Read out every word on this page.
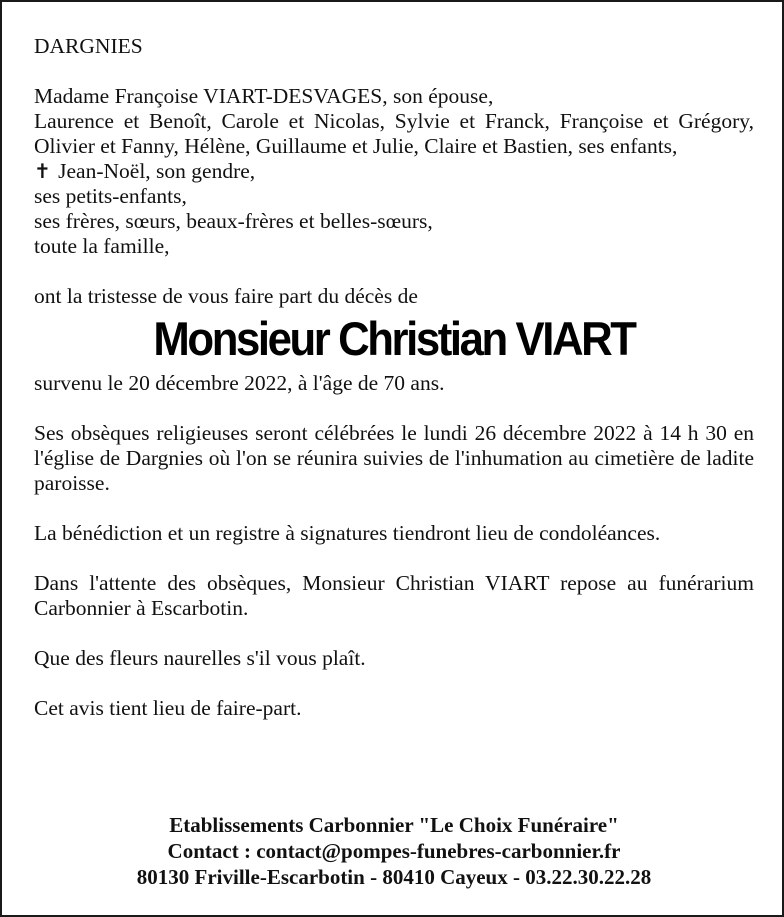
DARGNIES

Madame Françoise VIART-DESVAGES, son épouse,

Laurence et Benoît, Carole et Nicolas, Sylvie et Franck, Françoise et Grégory, Olivier et Fanny, Hélène, Guillaume et Julie, Claire et Bastien, ses enfants,

✝ Jean-Noël, son gendre,
ses petits-enfants,
ses frères, sœurs, beaux-frères et belles-sœurs,
toute la famille,

ont la tristesse de vous faire part du décès de

Monsieur Christian VIART

survenu le 20 décembre 2022, à l'âge de 70 ans.

Ses obsèques religieuses seront célébrées le lundi 26 décembre 2022 à 14 h 30 en l'église de Dargnies où l'on se réunira suivies de l'inhumation au cimetière de ladite paroisse.

La bénédiction et un registre à signatures tiendront lieu de condoléances.

Dans l'attente des obsèques, Monsieur Christian VIART repose au funérarium Carbonnier à Escarbotin.

Que des fleurs naurelles s'il vous plaît.

Cet avis tient lieu de faire-part.

Etablissements Carbonnier "Le Choix Funéraire"
Contact : contact@pompes-funebres-carbonnier.fr
80130 Friville-Escarbotin - 80410 Cayeux - 03.22.30.22.28
